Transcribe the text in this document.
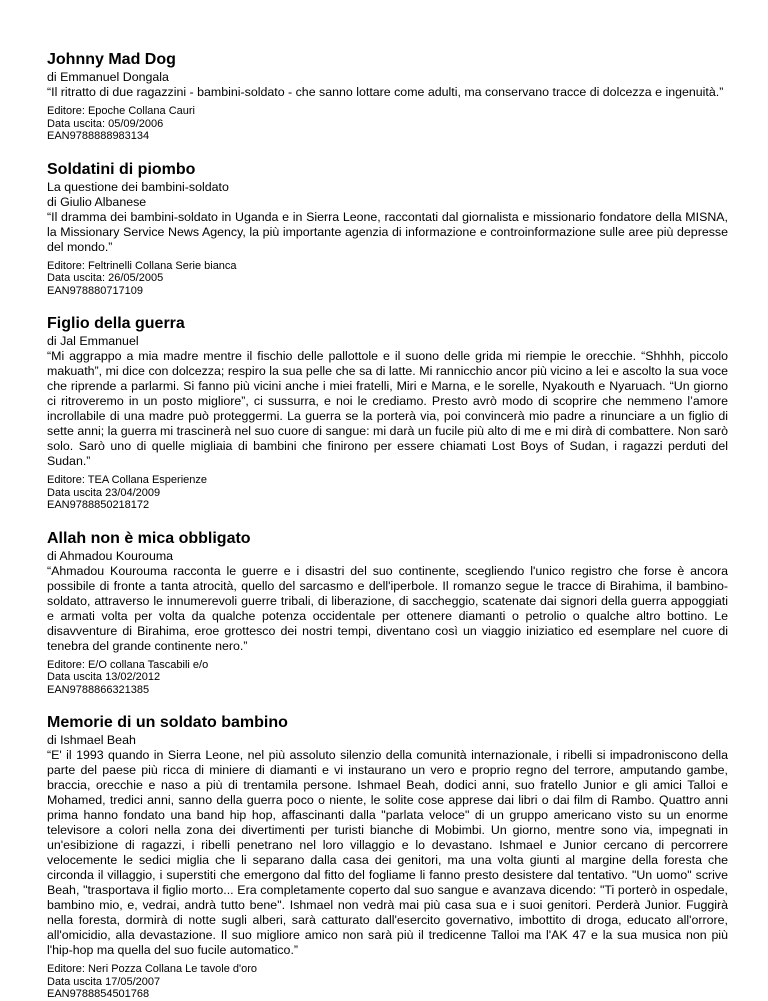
Johnny Mad Dog
di Emmanuel Dongala
“Il ritratto di due ragazzini - bambini-soldato - che sanno lottare come adulti, ma conservano tracce di dolcezza e ingenuità.”
Editore: Epoche Collana Cauri
Data uscita: 05/09/2006
EAN9788888983134
Soldatini di piombo
La questione dei bambini-soldato
di Giulio Albanese
“Il dramma dei bambini-soldato in Uganda e in Sierra Leone, raccontati dal giornalista e missionario fondatore della MISNA, la Missionary Service News Agency, la più importante agenzia di informazione e controinformazione sulle aree più depresse del mondo.”
Editore: Feltrinelli Collana Serie bianca
Data uscita: 26/05/2005
EAN978880717109
Figlio della guerra
di Jal Emmanuel
“Mi aggrappo a mia madre mentre il fischio delle pallottole e il suono delle grida mi riempie le orecchie. “Shhhh, piccolo makuath”, mi dice con dolcezza; respiro la sua pelle che sa di latte. Mi rannicchio ancor più vicino a lei e ascolto la sua voce che riprende a parlarmi. Si fanno più vicini anche i miei fratelli, Miri e Marna, e le sorelle, Nyakouth e Nyaruach. “Un giorno ci ritroveremo in un posto migliore”, ci sussurra, e noi le crediamo. Presto avrò modo di scoprire che nemmeno l’amore incrollabile di una madre può proteggermi. La guerra se la porterà via, poi convincerà mio padre a rinunciare a un figlio di sette anni; la guerra mi trascinerà nel suo cuore di sangue: mi darà un fucile più alto di me e mi dirà di combattere. Non sarò solo. Sarò uno di quelle migliaia di bambini che finirono per essere chiamati Lost Boys of Sudan, i ragazzi perduti del Sudan.”
Editore: TEA Collana Esperienze
Data uscita 23/04/2009
EAN9788850218172
Allah non è mica obbligato
di Ahmadou Kourouma
“Ahmadou Kourouma racconta le guerre e i disastri del suo continente, scegliendo l'unico registro che forse è ancora possibile di fronte a tanta atrocità, quello del sarcasmo e dell'iperbole. Il romanzo segue le tracce di Birahima, il bambino-soldato, attraverso le innumerevoli guerre tribali, di liberazione, di saccheggio, scatenate dai signori della guerra appoggiati e armati volta per volta da qualche potenza occidentale per ottenere diamanti o petrolio o qualche altro bottino. Le disavventure di Birahima, eroe grottesco dei nostri tempi, diventano così un viaggio iniziatico ed esemplare nel cuore di tenebra del grande continente nero.”
Editore: E/O collana Tascabili e/o
Data uscita 13/02/2012
EAN9788866321385
Memorie di un soldato bambino
di Ishmael Beah
“E' il 1993 quando in Sierra Leone, nel più assoluto silenzio della comunità internazionale, i ribelli si impadroniscono della parte del paese più ricca di miniere di diamanti e vi instaurano un vero e proprio regno del terrore, amputando gambe, braccia, orecchie e naso a più di trentamila persone. Ishmael Beah, dodici anni, suo fratello Junior e gli amici Talloi e Mohamed, tredici anni, sanno della guerra poco o niente, le solite cose apprese dai libri o dai film di Rambo. Quattro anni prima hanno fondato una band hip hop, affascinanti dalla "parlata veloce" di un gruppo americano visto su un enorme televisore a colori nella zona dei divertimenti per turisti bianche di Mobimbi. Un giorno, mentre sono via, impegnati in un'esibizione di ragazzi, i ribelli penetrano nel loro villaggio e lo devastano. Ishmael e Junior cercano di percorrere velocemente le sedici miglia che li separano dalla casa dei genitori, ma una volta giunti al margine della foresta che circonda il villaggio, i superstiti che emergono dal fitto del fogliame li fanno presto desistere dal tentativo. "Un uomo" scrive Beah, "trasportava il figlio morto... Era completamente coperto dal suo sangue e avanzava dicendo: "Ti porterò in ospedale, bambino mio, e, vedrai, andrà tutto bene". Ishmael non vedrà mai più casa sua e i suoi genitori. Perderà Junior. Fuggirà nella foresta, dormirà di notte sugli alberi, sarà catturato dall'esercito governativo, imbottito di droga, educato all'orrore, all'omicidio, alla devastazione. Il suo migliore amico non sarà più il tredicenne Talloi ma l'AK 47 e la sua musica non più l'hip-hop ma quella del suo fucile automatico.”
Editore: Neri Pozza Collana Le tavole d'oro
Data uscita 17/05/2007
EAN9788854501768
